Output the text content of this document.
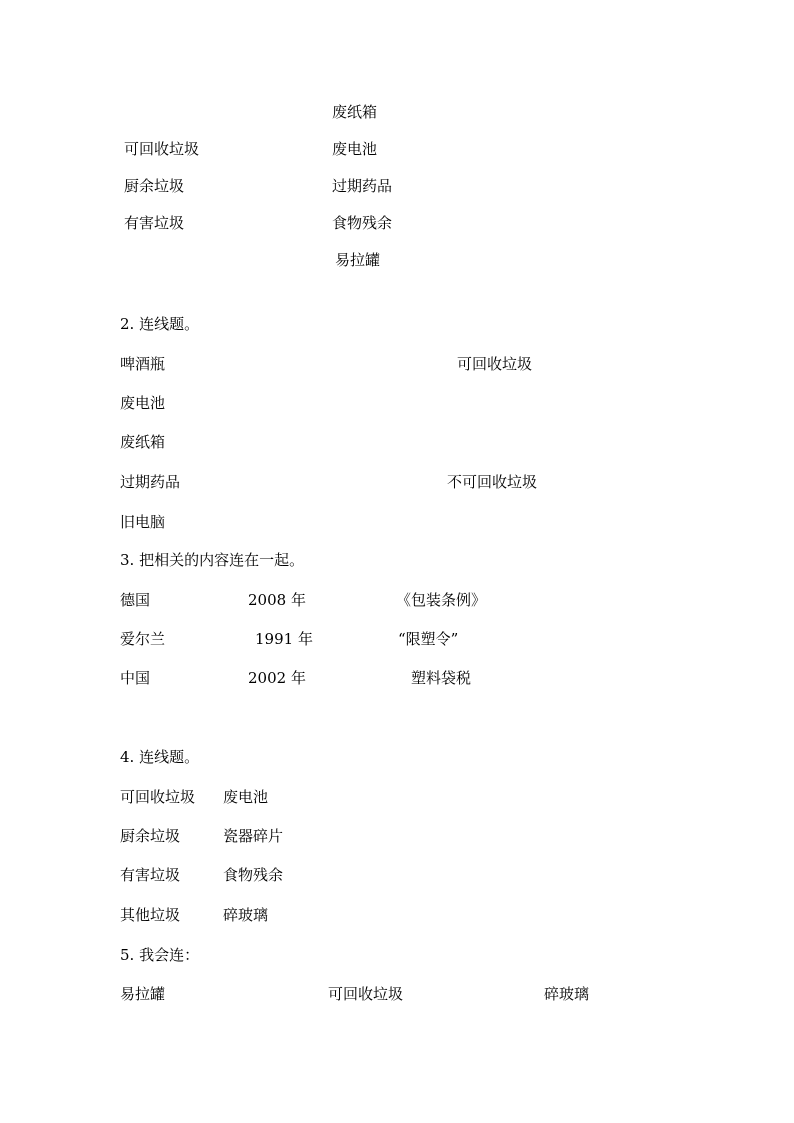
废纸箱
可回收垃圾	废电池
厨余垃圾	过期药品
有害垃圾	食物残余
易拉罐
2. 连线题。
啤酒瓶	可回收垃圾
废电池
废纸箱
过期药品	不可回收垃圾
旧电脑
3. 把相关的内容连在一起。
德国	2008 年	《包装条例》
爱尔兰	1991 年	“限塑令”
中国	2002 年	塑料袋税
4. 连线题。
可回收垃圾 废电池
厨余垃圾	瓷器碎片
有害垃圾	食物残余
其他垃圾	碎玻璃
5. 我会连：
易拉罐	可回收垃圾	碎玻璃
